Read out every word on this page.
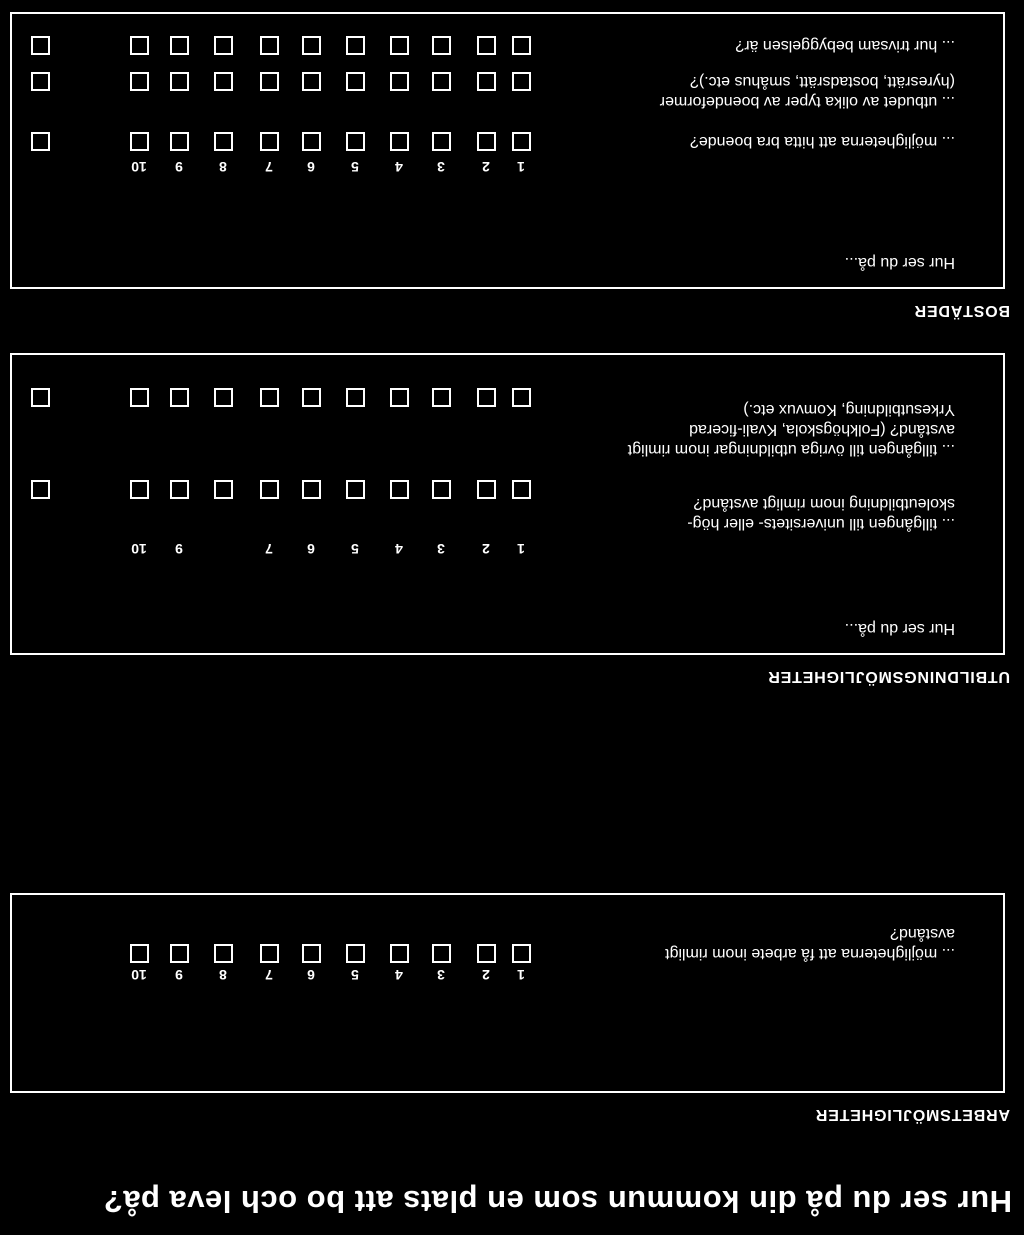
Hur ser du på din kommun som en plats att bo och leva på?
ARBETSMÖJLIGHETER
1
2
3
4
5
6
7
8
9
10
... möjligheterna att få arbete inom rimligt avstånd?
UTBILDNINGSMÖJLIGHETER
Hur ser du på...
1
2
3
4
5
6
7
9
10
... tillgången till universitets- eller hög-skoleutbildning inom rimligt avstånd?
... tillgången till övriga utbildningar inom rimligt avstånd? (Folkhögskola, Kvali-ficerad Yrkesutbildning, Komvux etc.)
BOSTÄDER
Hur ser du på...
1
2
3
4
5
6
7
8
9
10
... möjligheterna att hitta bra boende?
... utbudet av olika typer av boendeformer (hyresrätt, bostadsrätt, småhus etc.)?
... hur trivsam bebyggelsen är?
